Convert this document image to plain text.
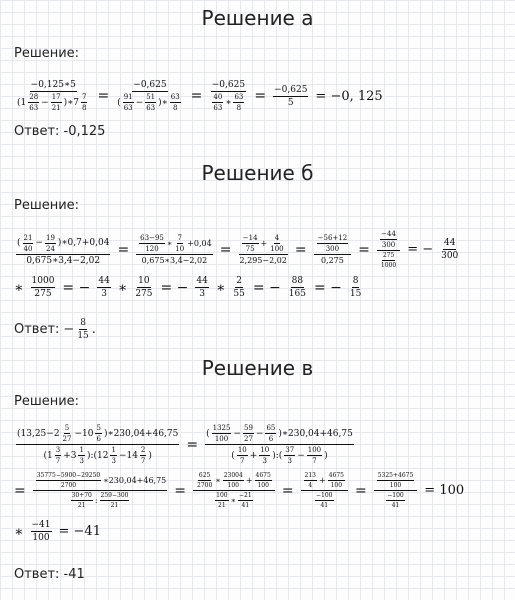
Решение а
Решение:
$\frac{-0,125∗5}{(1 \frac{28}{63} - \frac{17}{21} )∗7 \frac{7}{8}} = \frac{-0,625}{( \frac{91}{63} - \frac{51}{63} )∗ \frac{63}{8}} = \frac{-0,625}{\frac{40}{63} ∗ \frac{63}{8}} = \frac{-0,625}{5} = -0$, 125
Ответ: -0,125
Решение б
Решение:
$\frac{( \frac{21}{40} - \frac{19}{24} )∗0,7+0,04}{0,675∗3,4-2,02} = \frac{\frac{63-95}{120} ∗ \frac{7}{10} +0,04}{0,675∗3,4-2,02} = \frac{\frac{-14}{75} + \frac{4}{100}}{2,295-2,02} = \frac{\frac{-56+12}{300}}{0,275} = \frac{\frac{-44}{300}}{\frac{275}{1000}}$ = − $\frac{44}{300}$
∗ $\frac{1000}{275}$ = − $\frac{44}{3}$ ∗ $\frac{10}{275}$ = − $\frac{44}{3}$ ∗ $\frac{2}{55}$ = − $\frac{88}{165}$ = − $\frac{8}{15}$
Ответ: − $\frac{8}{15}$ .
Решение в
Решение:
($13,25-2 \frac{5}{27} -10 \frac{5}{6}$ )∗230,04+46,75
($1 \frac{3}{7} +3 \frac{1}{3}$ ):(12 $\frac{1}{3} -14 \frac{2}{7}$ )
=
( $\frac{1325}{100} - \frac{59}{27} - \frac{65}{6}$ )∗230,04+46,75
( $\frac{10}{7} + \frac{10}{3}$ ):( $\frac{37}{3} - \frac{100}{7}$ )
= $\frac{\frac{35775-5900-29250}{2700} ∗230,04+46,75}{\frac{30+70}{21} : \frac{259-300}{21}} = \frac{\frac{625}{2700} ∗ \frac{23004}{100} + \frac{4675}{100}}{\frac{100}{21} ∗ \frac{-21}{41}} = \frac{\frac{213}{4} + \frac{4675}{100}}{\frac{-100}{41}} = \frac{\frac{5325+4675}{100}}{\frac{-100}{41}} = 100$
∗ $\frac{-41}{100} = -41$
Ответ: -41
